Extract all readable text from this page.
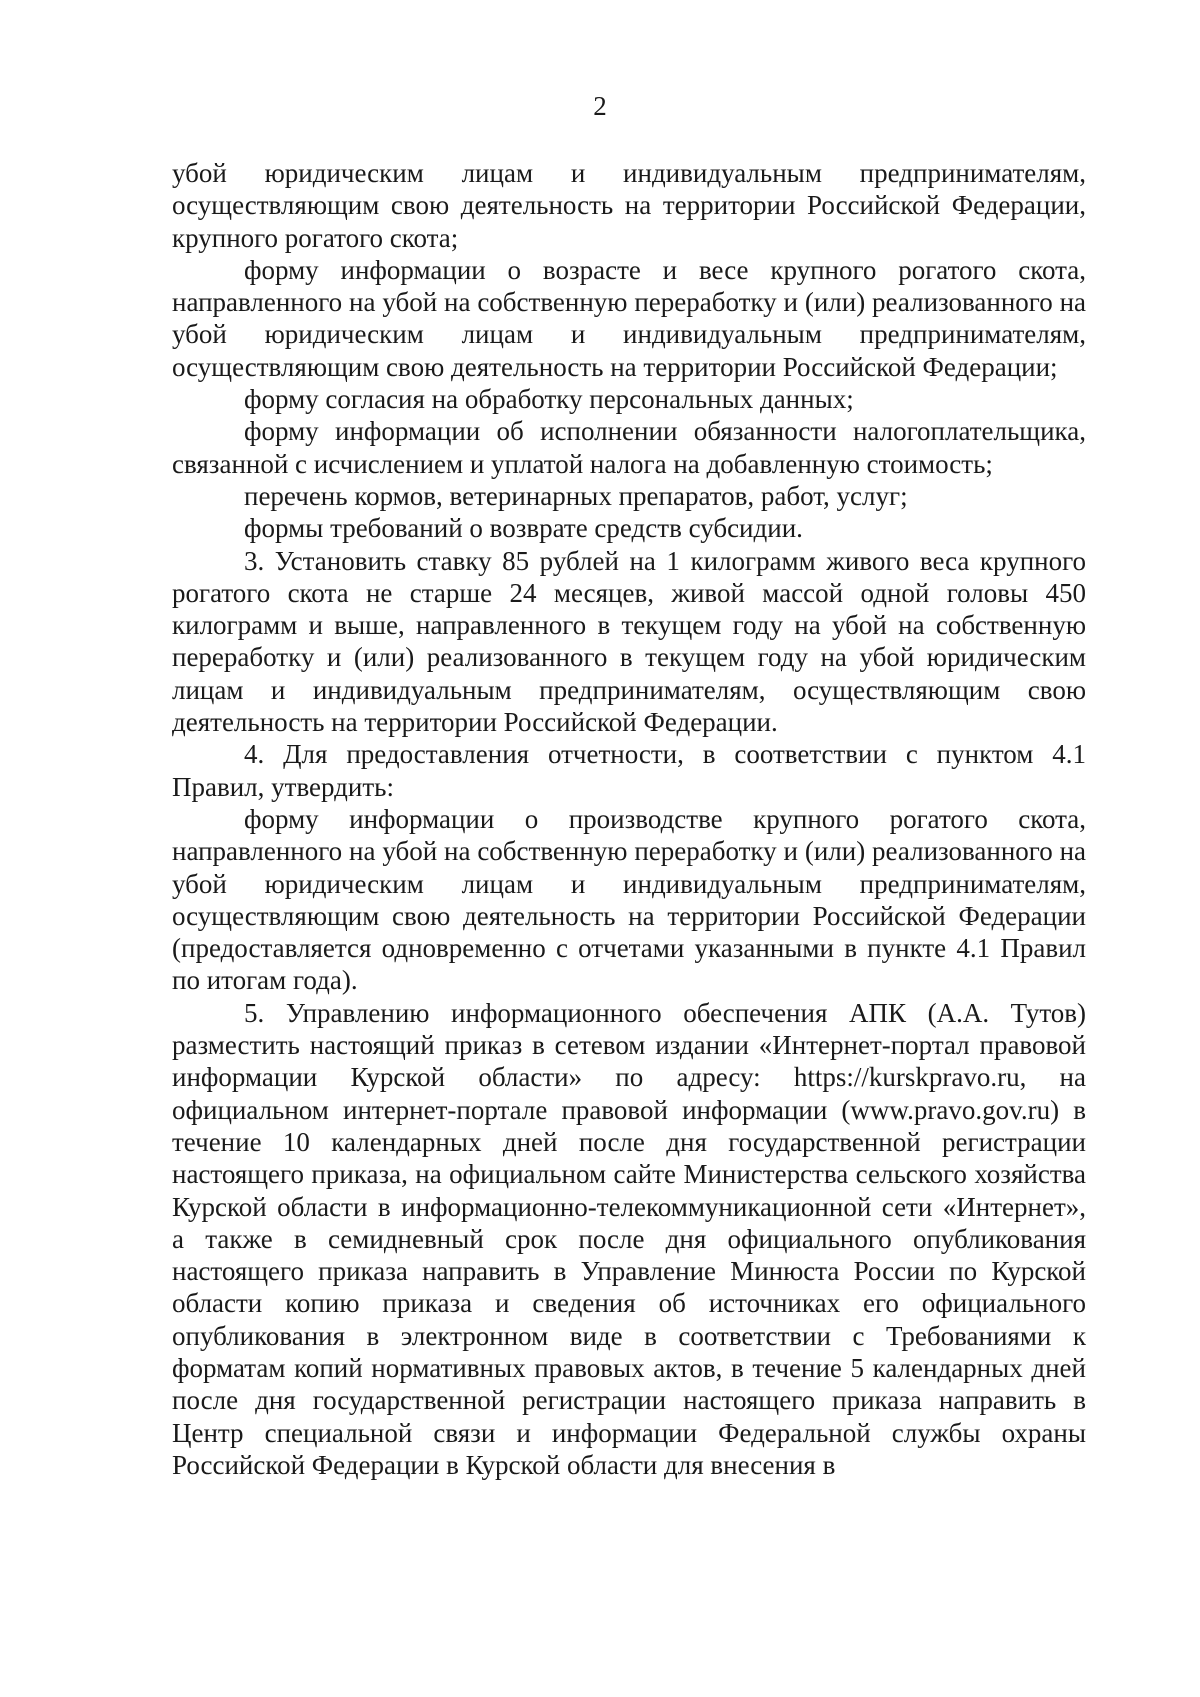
2

убой юридическим лицам и индивидуальным предпринимателям, осуществляющим свою деятельность на территории Российской Федерации, крупного рогатого скота;

форму информации о возрасте и весе крупного рогатого скота, направленного на убой на собственную переработку и (или) реализованного на убой юридическим лицам и индивидуальным предпринимателям, осуществляющим свою деятельность на территории Российской Федерации;

форму согласия на обработку персональных данных;

форму информации об исполнении обязанности налогоплательщика, связанной с исчислением и уплатой налога на добавленную стоимость;

перечень кормов, ветеринарных препаратов, работ, услуг;

формы требований о возврате средств субсидии.

3. Установить ставку 85 рублей на 1 килограмм живого веса крупного рогатого скота не старше 24 месяцев, живой массой одной головы 450 килограмм и выше, направленного в текущем году на убой на собственную переработку и (или) реализованного в текущем году на убой юридическим лицам и индивидуальным предпринимателям, осуществляющим свою деятельность на территории Российской Федерации.

4. Для предоставления отчетности, в соответствии с пунктом 4.1 Правил, утвердить:

форму информации о производстве крупного рогатого скота, направленного на убой на собственную переработку и (или) реализованного на убой юридическим лицам и индивидуальным предпринимателям, осуществляющим свою деятельность на территории Российской Федерации (предоставляется одновременно с отчетами указанными в пункте 4.1 Правил по итогам года).

5. Управлению информационного обеспечения АПК (А.А. Тутов) разместить настоящий приказ в сетевом издании «Интернет-портал правовой информации Курской области» по адресу: https://kurskpravo.ru, на официальном интернет-портале правовой информации (www.pravo.gov.ru) в течение 10 календарных дней после дня государственной регистрации настоящего приказа, на официальном сайте Министерства сельского хозяйства Курской области в информационно-телекоммуникационной сети «Интернет», а также в семидневный срок после дня официального опубликования настоящего приказа направить в Управление Минюста России по Курской области копию приказа и сведения об источниках его официального опубликования в электронном виде в соответствии с Требованиями к форматам копий нормативных правовых актов, в течение 5 календарных дней после дня государственной регистрации настоящего приказа направить в Центр специальной связи и информации Федеральной службы охраны Российской Федерации в Курской области для внесения в
